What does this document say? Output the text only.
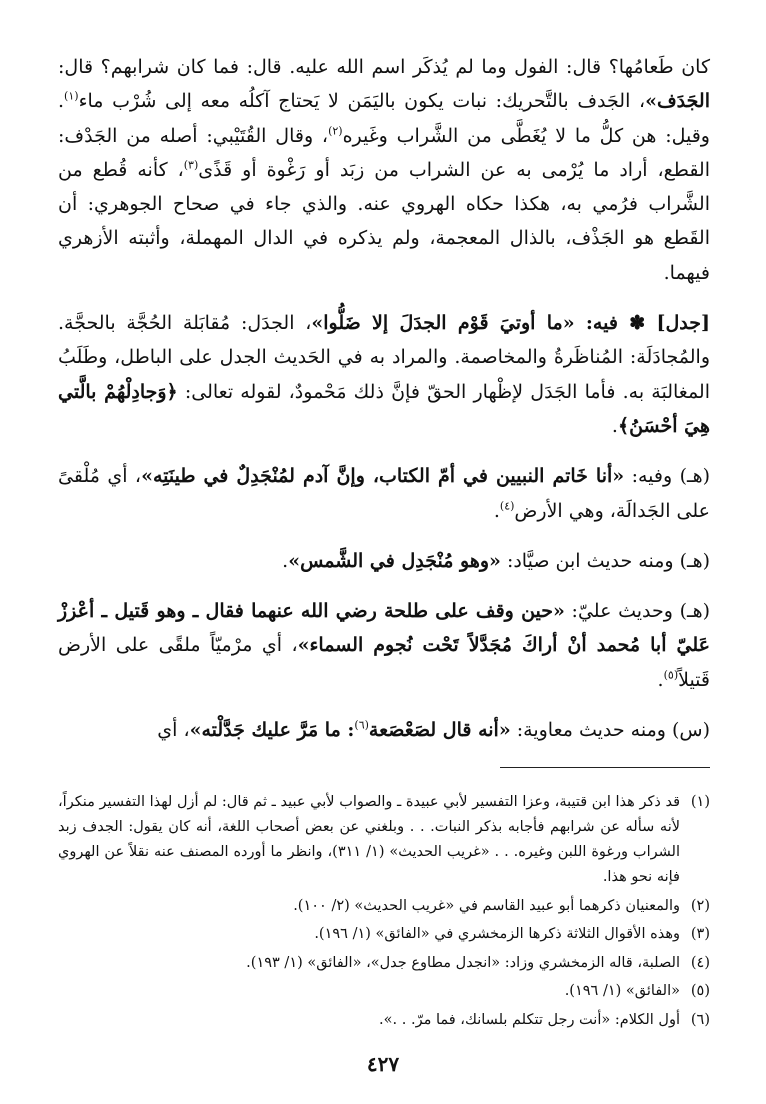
كان طَعامُها؟ قال: الفول وما لم يُذكَر اسم الله عليه. قال: فما كان شرابهم؟ قال: الجَدَف»، الجَدف بالتَّحريك: نبات يكون باليَمَن لا يَحتاج آكلُه معه إلى شُرْب ماء$^{(١)}$. وقيل: هن كلُّ ما لا يُغَطَّى من الشَّراب وغَيره$^{(٢)}$، وقال القُتَيْبي: أصله من الجَدْف: القطع، أراد ما يُرْمى به عن الشراب من زبَد أو رَغْوة أو قَذًى$^{(٣)}$، كأنه قُطع من الشَّراب فرُمي به، هكذا حكاه الهروي عنه. والذي جاء في صحاح الجوهري: أن القَطع هو الجَذْف، بالذال المعجمة، ولم يذكره في الدال المهملة، وأثبته الأزهري فيهما.

[جدل] ✽ فيه: «ما أوتيَ قَوْم الجدَلَ إلا ضَلُّوا»، الجدَل: مُقابَلة الحُجَّة بالحجَّة. والمُجادَلَة: المُناظَرةُ والمخاصمة. والمراد به في الحَديث الجدل على الباطل، وطَلَبُ المغالبَة به. فأما الجَدَل لإظْهار الحقّ فإنَّ ذلك مَحْمودٌ، لقوله تعالى: ﴿وَجادِلْهُمْ بالَّتي هِيَ أحْسَنُ﴾.

(هـ) وفيه: «أنا خَاتم النبيين في أمّ الكتاب، وإنَّ آدم لمُنْجَدِلٌ في طينَتِه»، أي مُلْقىً على الجَدالَة، وهي الأرض$^{(٤)}$.

(هـ) ومنه حديث ابن صيَّاد: «وهو مُنْجَدِل في الشَّمس».

(هـ) وحديث عليّ: «حين وقف على طلحة رضي الله عنهما فقال ـ وهو قَتيل ـ أعْززْ عَليّ أبا مُحمد أنْ أراكَ مُجَدَّلاً تَحْت نُجوم السماء»، أي مرْميّاً ملقًى على الأرض قَتيلاً$^{(٥)}$.

(س) ومنه حديث معاوية: «أنه قال لصَعْصَعة$^{(٦)}$: ما مَرَّ عليك جَدَّلْته»، أي

(١)
قد ذكر هذا ابن قتيبة، وعزا التفسير لأبي عبيدة ـ والصواب لأبي عبيد ـ ثم قال: لم أزل لهذا التفسير منكراً، لأنه سأله عن شرابهم فأجابه بذكر النبات. . . وبلغني عن بعض أصحاب اللغة، أنه كان يقول: الجدف زبد الشراب ورغوة اللبن وغيره. . . «غريب الحديث» (١/ ٣١١)، وانظر ما أورده المصنف عنه نقلاً عن الهروي فإنه نحو هذا.
(٢)
والمعنيان ذكرهما أبو عبيد القاسم في «غريب الحديث» (٢/ ١٠٠).
(٣)
وهذه الأقوال الثلاثة ذكرها الزمخشري في «الفائق» (١/ ١٩٦).
(٤)
الصلبة، قاله الزمخشري وزاد: «انجدل مطاوع جدل»، «الفائق» (١/ ١٩٣).
(٥)
«الفائق» (١/ ١٩٦).
(٦)
أول الكلام: «أنت رجل تتكلم بلسانك، فما مرّ. . .».
٤٢٧
